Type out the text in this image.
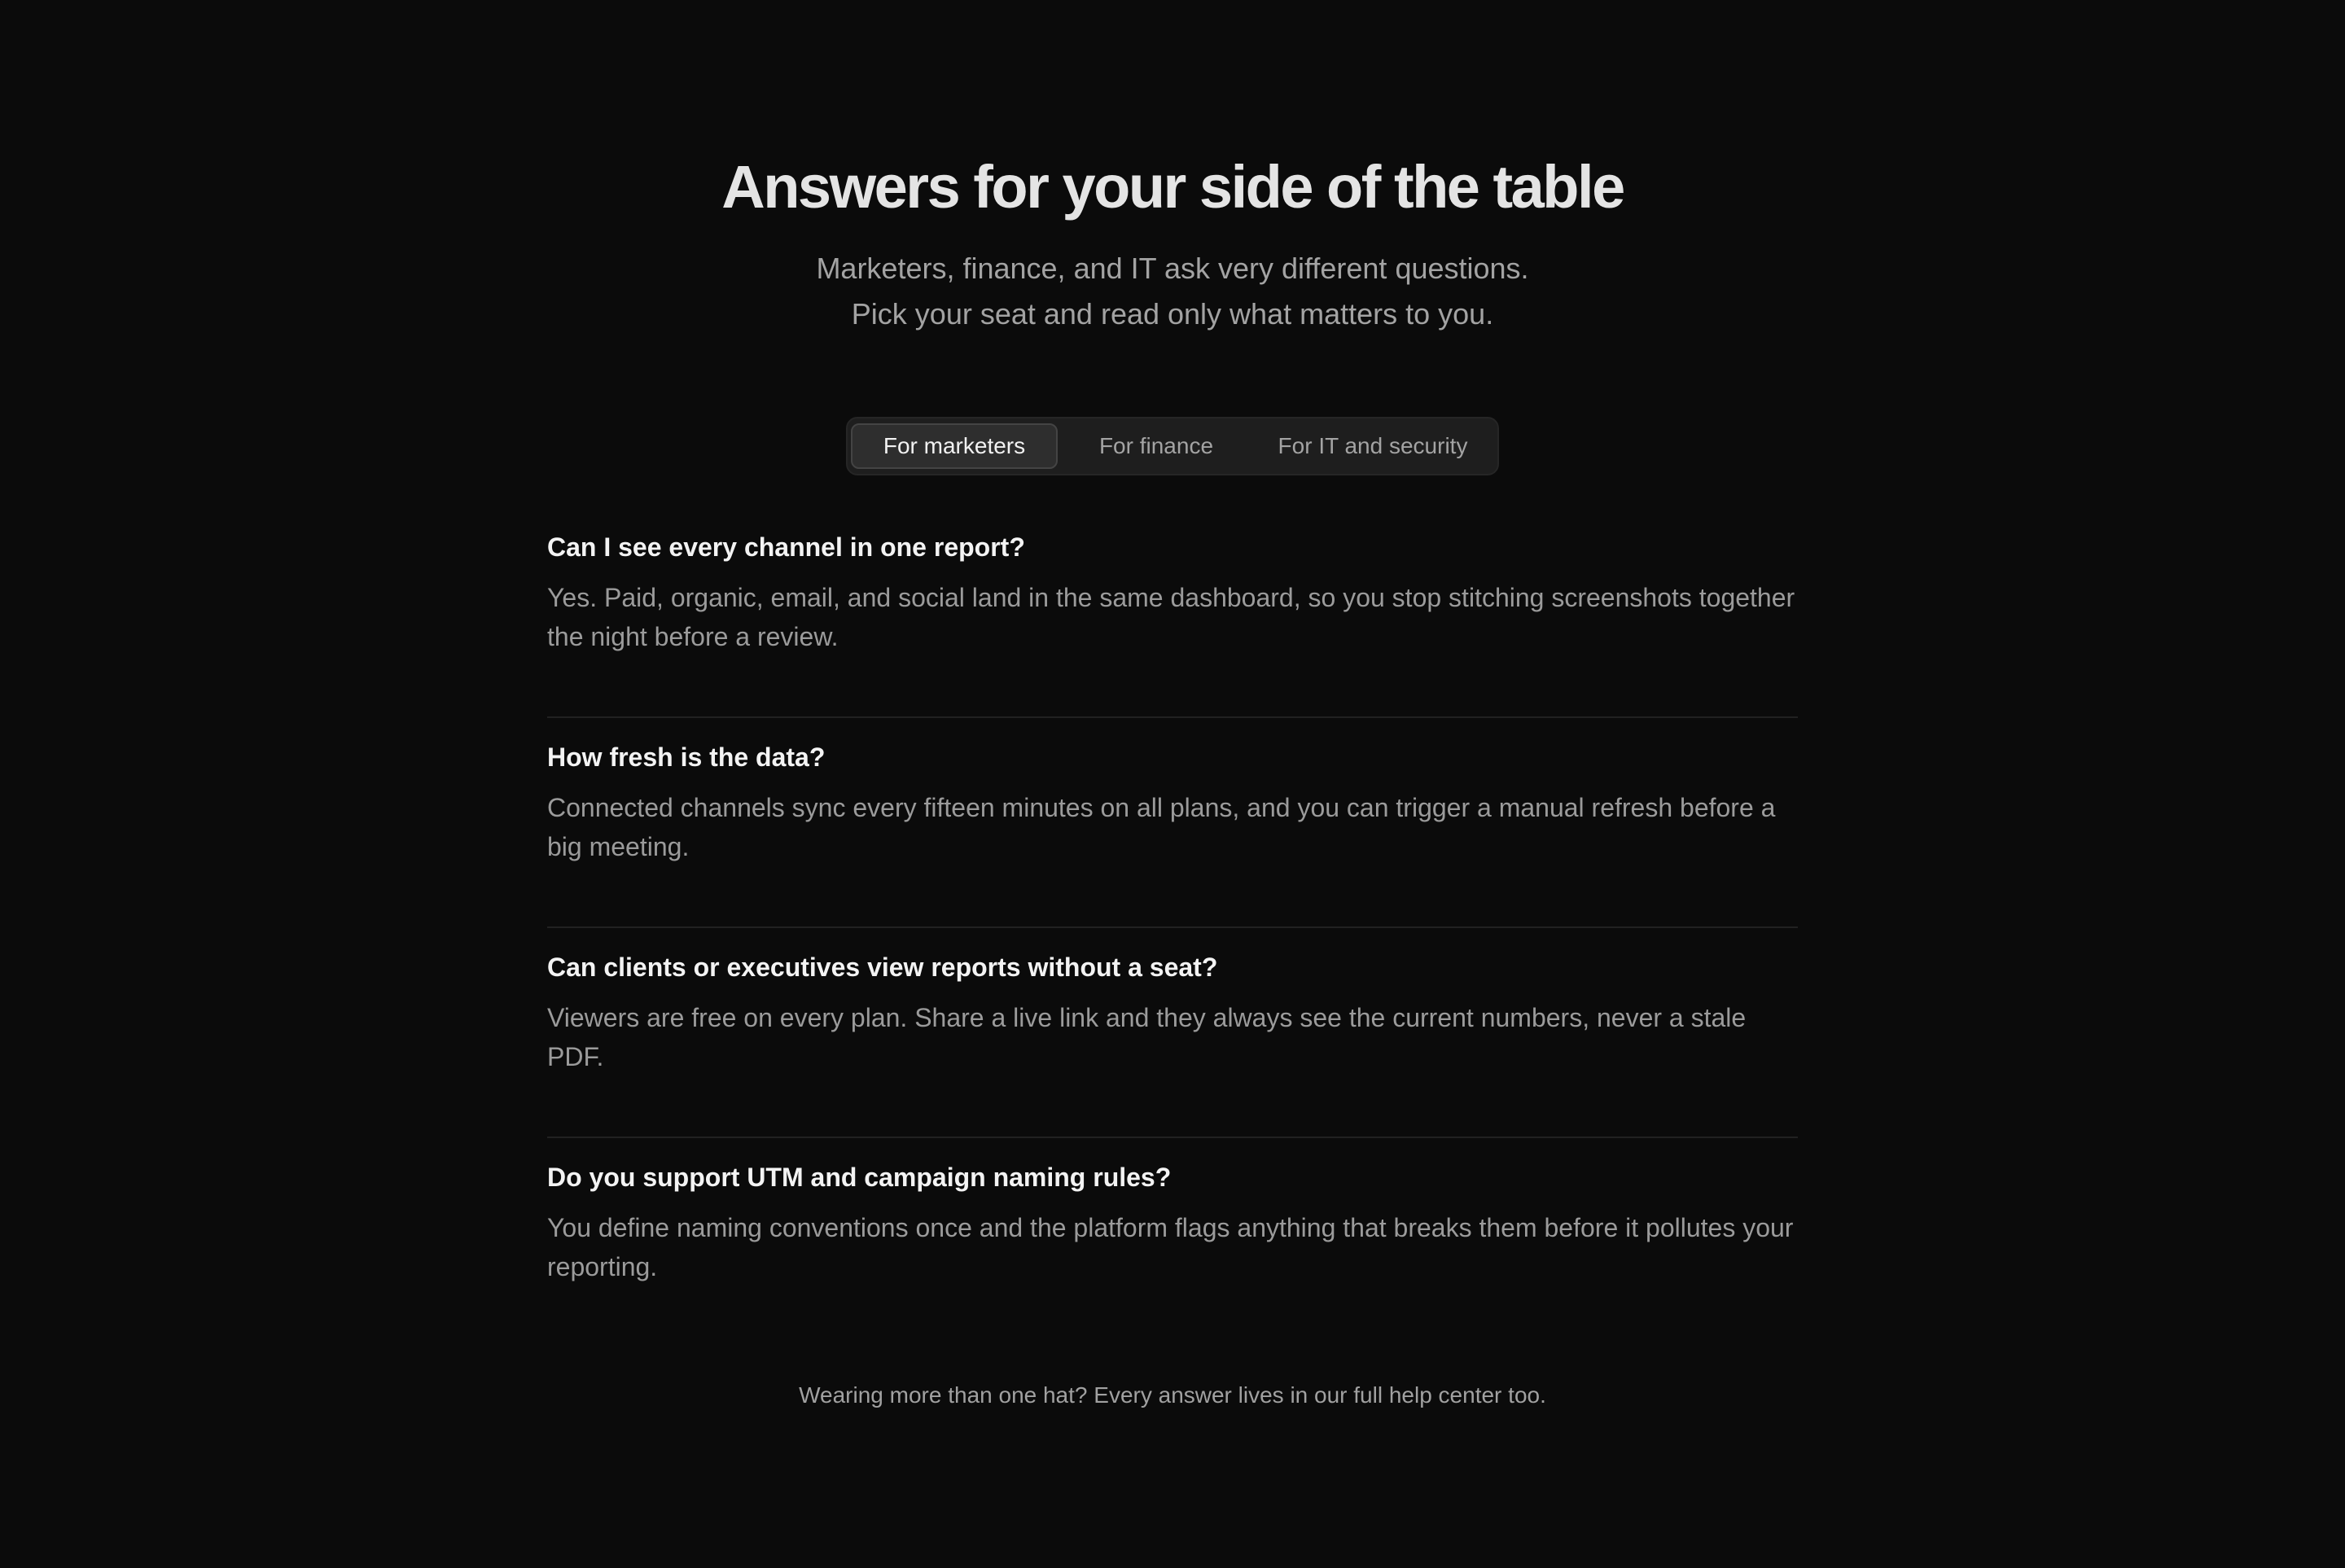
Answers for your side of the table
Marketers, finance, and IT ask very different questions.
Pick your seat and read only what matters to you.
For marketers	For finance	For IT and security
Can I see every channel in one report?

Yes. Paid, organic, email, and social land in the same dashboard, so you stop stitching screenshots together the night before a review.

How fresh is the data?

Connected channels sync every fifteen minutes on all plans, and you can trigger a manual refresh before a big meeting.

Can clients or executives view reports without a seat?

Viewers are free on every plan. Share a live link and they always see the current numbers, never a stale PDF.

Do you support UTM and campaign naming rules?

You define naming conventions once and the platform flags anything that breaks them before it pollutes your reporting.

Wearing more than one hat? Every answer lives in our full help center too.
